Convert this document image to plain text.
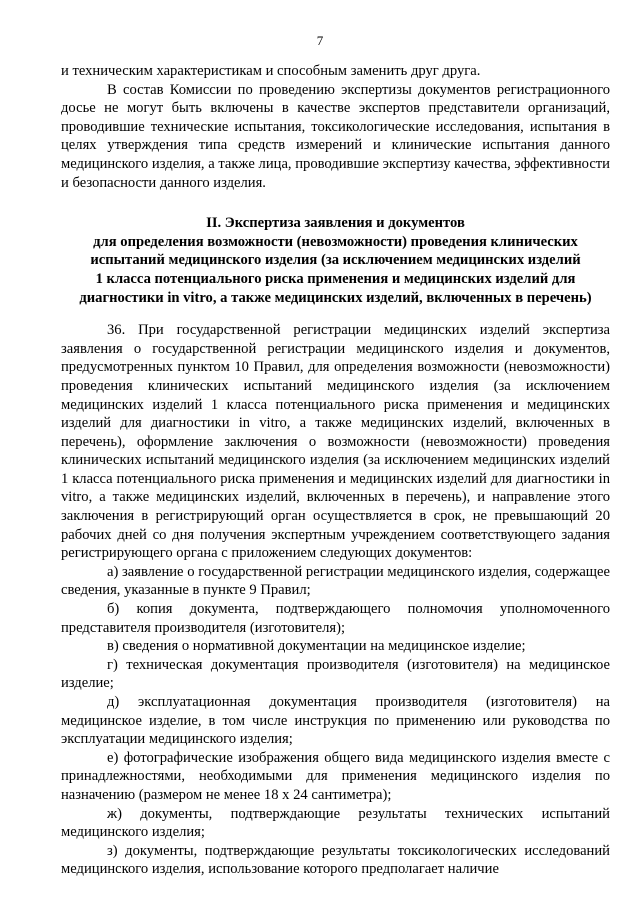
7

и техническим характеристикам и способным заменить друг друга.

В состав Комиссии по проведению экспертизы документов регистрационного досье не могут быть включены в качестве экспертов представители организаций, проводившие технические испытания, токсикологические исследования, испытания в целях утверждения типа средств измерений и клинические испытания данного медицинского изделия, а также лица, проводившие экспертизу качества, эффективности и безопасности данного изделия.

II. Экспертиза заявления и документов
для определения возможности (невозможности) проведения клинических
испытаний медицинского изделия (за исключением медицинских изделий
1 класса потенциального риска применения и медицинских изделий для
диагностики in vitro, а также медицинских изделий, включенных в перечень)

36. При государственной регистрации медицинских изделий экспертиза заявления о государственной регистрации медицинского изделия и документов, предусмотренных пунктом 10 Правил, для определения возможности (невозможности) проведения клинических испытаний медицинского изделия (за исключением медицинских изделий 1 класса потенциального риска применения и медицинских изделий для диагностики in vitro, а также медицинских изделий, включенных в перечень), оформление заключения о возможности (невозможности) проведения клинических испытаний медицинского изделия (за исключением медицинских изделий 1 класса потенциального риска применения и медицинских изделий для диагностики in vitro, а также медицинских изделий, включенных в перечень), и направление этого заключения в регистрирующий орган осуществляется в срок, не превышающий 20 рабочих дней со дня получения экспертным учреждением соответствующего задания регистрирующего органа с приложением следующих документов:

а) заявление о государственной регистрации медицинского изделия, содержащее сведения, указанные в пункте 9 Правил;

б) копия документа, подтверждающего полномочия уполномоченного представителя производителя (изготовителя);

в) сведения о нормативной документации на медицинское изделие;

г) техническая документация производителя (изготовителя) на медицинское изделие;

д) эксплуатационная документация производителя (изготовителя) на медицинское изделие, в том числе инструкция по применению или руководства по эксплуатации медицинского изделия;

е) фотографические изображения общего вида медицинского изделия вместе с принадлежностями, необходимыми для применения медицинского изделия по назначению (размером не менее 18 х 24 сантиметра);

ж) документы, подтверждающие результаты технических испытаний медицинского изделия;

з) документы, подтверждающие результаты токсикологических исследований медицинского изделия, использование которого предполагает наличие
